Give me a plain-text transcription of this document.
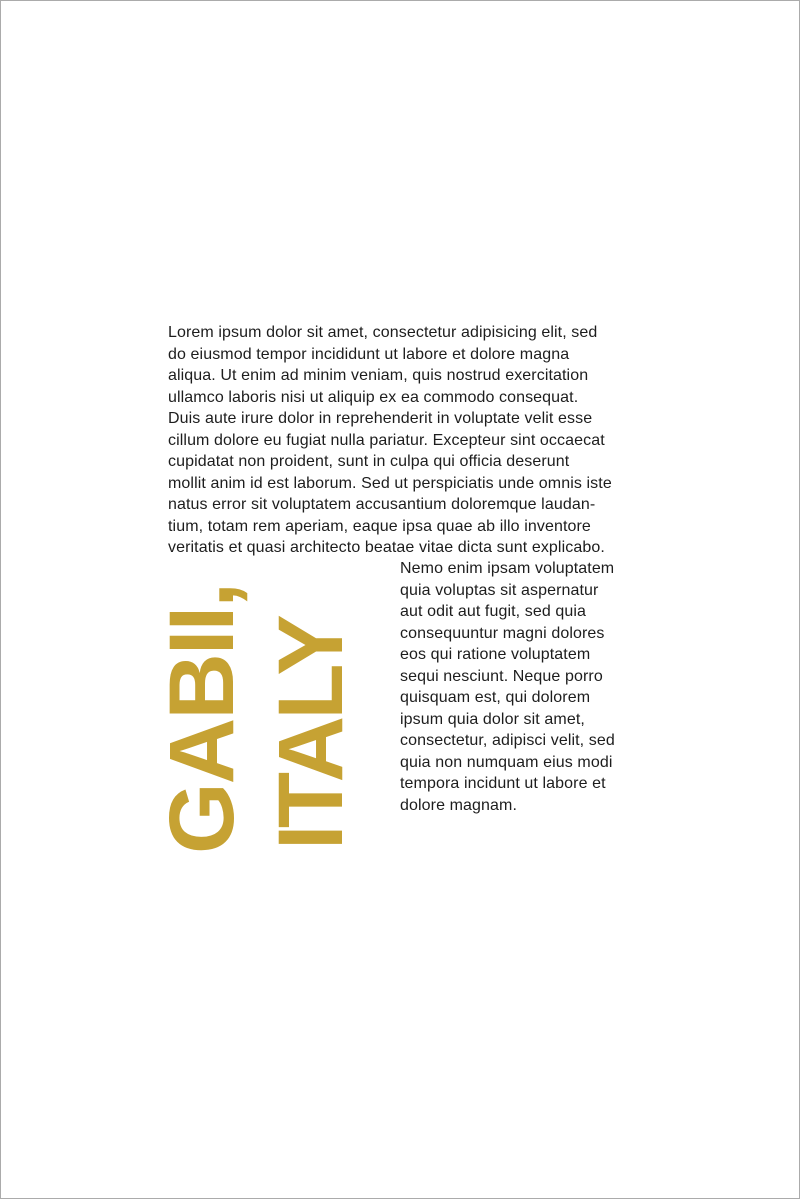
Lorem ipsum dolor sit amet, consectetur adipisicing elit, sed
do eiusmod tempor incididunt ut labore et dolore magna
aliqua. Ut enim ad minim veniam, quis nostrud exercitation
ullamco laboris nisi ut aliquip ex ea commodo consequat.
Duis aute irure dolor in reprehenderit in voluptate velit esse
cillum dolore eu fugiat nulla pariatur. Excepteur sint occaecat
cupidatat non proident, sunt in culpa qui officia deserunt
mollit anim id est laborum. Sed ut perspiciatis unde omnis iste
natus error sit voluptatem accusantium doloremque laudan-
tium, totam rem aperiam, eaque ipsa quae ab illo inventore
veritatis et quasi architecto beatae vitae dicta sunt explicabo.

GABII, ITALY

Nemo enim ipsam voluptatem
quia voluptas sit aspernatur
aut odit aut fugit, sed quia
consequuntur magni dolores
eos qui ratione voluptatem
sequi nesciunt. Neque porro
quisquam est, qui dolorem
ipsum quia dolor sit amet,
consectetur, adipisci velit, sed
quia non numquam eius modi
tempora incidunt ut labore et
dolore magnam.
